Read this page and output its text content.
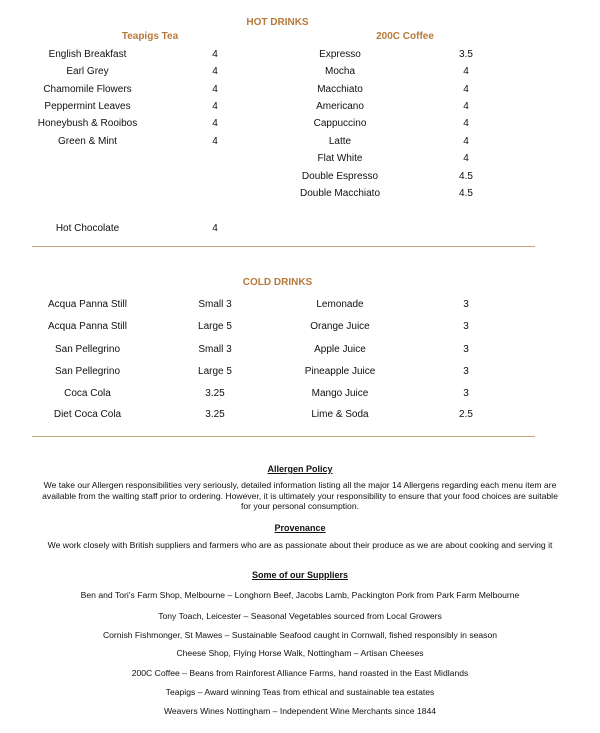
HOT DRINKS
Teapigs Tea	200C Coffee
English Breakfast	4
Earl Grey	4
Chamomile Flowers	4
Peppermint Leaves	4
Honeybush & Rooibos	4
Green & Mint	4
Expresso	3.5
Mocha	4
Macchiato	4
Americano	4
Cappuccino	4
Latte	4
Flat White	4
Double Espresso	4.5
Double Macchiato	4.5
Hot Chocolate	4
COLD DRINKS
Acqua Panna Still	Small 3
Acqua Panna Still	Large 5
San Pellegrino	Small 3
San Pellegrino	Large 5
Coca Cola	3.25
Diet Coca Cola	3.25
Lemonade	3
Orange Juice	3
Apple Juice	3
Pineapple Juice	3
Mango Juice	3
Lime & Soda	2.5
Allergen Policy
We take our Allergen responsibilities very seriously, detailed information listing all the major 14 Allergens regarding each menu item are available from the waiting staff prior to ordering. However, it is ultimately your responsibility to ensure that your food choices are suitable for your personal consumption.
Provenance
We work closely with British suppliers and farmers who are as passionate about their produce as we are about cooking and serving it
Some of our Suppliers
Ben and Tori’s Farm Shop, Melbourne – Longhorn Beef, Jacobs Lamb, Packington Pork from Park Farm Melbourne
Tony Toach, Leicester – Seasonal Vegetables sourced from Local Growers
Cornish Fishmonger, St Mawes – Sustainable Seafood caught in Cornwall, fished responsibly in season
Cheese Shop, Flying Horse Walk, Nottingham – Artisan Cheeses
200C Coffee – Beans from Rainforest Alliance Farms, hand roasted in the East Midlands
Teapigs – Award winning Teas from ethical and sustainable tea estates
Weavers Wines Nottingham – Independent Wine Merchants since 1844
